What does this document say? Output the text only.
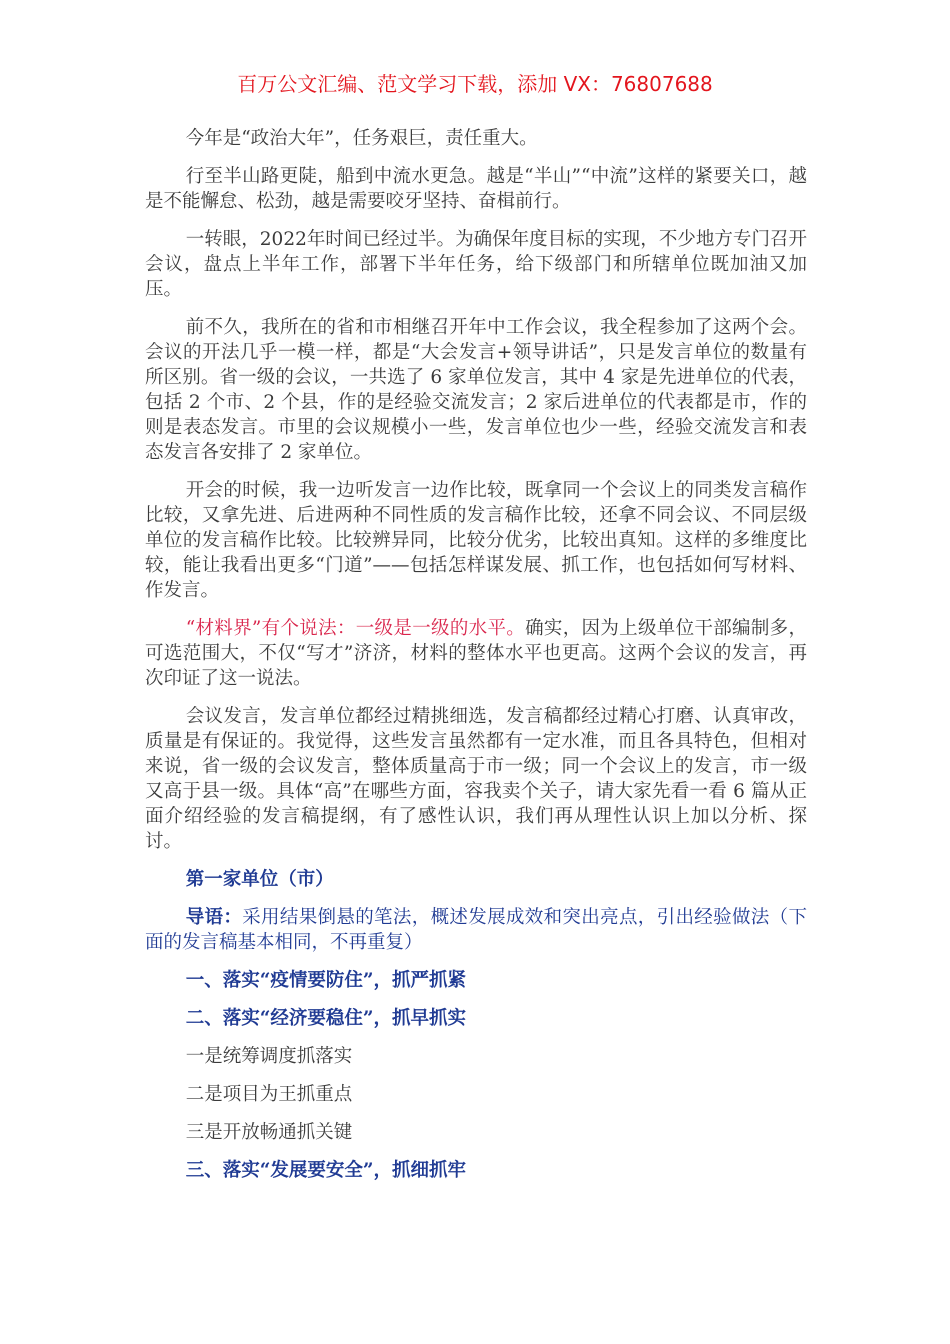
百万公文汇编、范文学习下载，添加 VX：76807688

今年是“政治大年”，任务艰巨，责任重大。

行至半山路更陡，船到中流水更急。越是“半山”“中流”这样的紧要关口，越是不能懈怠、松劲，越是需要咬牙坚持、奋楫前行。

一转眼，2022年时间已经过半。为确保年度目标的实现，不少地方专门召开会议，盘点上半年工作，部署下半年任务，给下级部门和所辖单位既加油又加压。

前不久，我所在的省和市相继召开年中工作会议，我全程参加了这两个会。会议的开法几乎一模一样，都是“大会发言+领导讲话”，只是发言单位的数量有所区别。省一级的会议，一共选了 6 家单位发言，其中 4 家是先进单位的代表，包括 2 个市、2 个县，作的是经验交流发言；2 家后进单位的代表都是市，作的则是表态发言。市里的会议规模小一些，发言单位也少一些，经验交流发言和表态发言各安排了 2 家单位。

开会的时候，我一边听发言一边作比较，既拿同一个会议上的同类发言稿作比较，又拿先进、后进两种不同性质的发言稿作比较，还拿不同会议、不同层级单位的发言稿作比较。比较辨异同，比较分优劣，比较出真知。这样的多维度比较，能让我看出更多“门道”——包括怎样谋发展、抓工作，也包括如何写材料、作发言。

“材料界”有个说法：一级是一级的水平。确实，因为上级单位干部编制多，可选范围大，不仅“写才”济济，材料的整体水平也更高。这两个会议的发言，再次印证了这一说法。

会议发言，发言单位都经过精挑细选，发言稿都经过精心打磨、认真审改，质量是有保证的。我觉得，这些发言虽然都有一定水准，而且各具特色，但相对来说，省一级的会议发言，整体质量高于市一级；同一个会议上的发言，市一级又高于县一级。具体“高”在哪些方面，容我卖个关子，请大家先看一看 6 篇从正面介绍经验的发言稿提纲，有了感性认识，我们再从理性认识上加以分析、探讨。

第一家单位（市）

导语：采用结果倒悬的笔法，概述发展成效和突出亮点，引出经验做法（下面的发言稿基本相同，不再重复）

一、落实“疫情要防住”，抓严抓紧

二、落实“经济要稳住”，抓早抓实

一是统筹调度抓落实

二是项目为王抓重点

三是开放畅通抓关键

三、落实“发展要安全”，抓细抓牢
